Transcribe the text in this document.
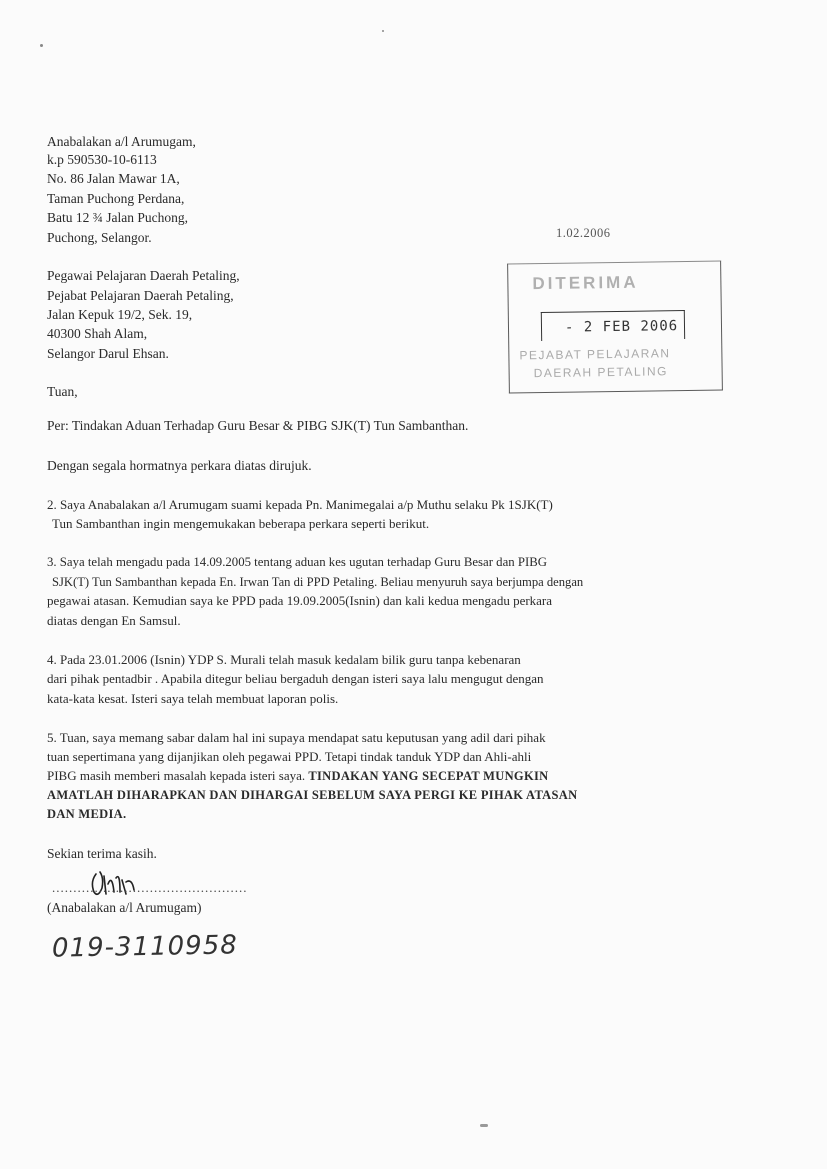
Anabalakan a/l Arumugam,
k.p 590530-10-6113
No. 86 Jalan Mawar 1A,
Taman Puchong Perdana,
Batu 12 ¾ Jalan Puchong,
Puchong, Selangor.	1.02.2006
Pegawai Pelajaran Daerah Petaling,
Pejabat Pelajaran Daerah Petaling,
Jalan Kepuk 19/2, Sek. 19,
40300 Shah Alam,
Selangor Darul Ehsan.
DITERIMA
- 2 FEB 2006
PEJABAT PELAJARAN
DAERAH PETALING
Tuan,
Per: Tindakan Aduan Terhadap Guru Besar & PIBG SJK(T) Tun Sambanthan.
Dengan segala hormatnya perkara diatas dirujuk.
2. Saya Anabalakan a/l Arumugam suami kepada Pn. Manimegalai a/p Muthu selaku Pk 1SJK(T)
Tun Sambanthan ingin mengemukakan beberapa perkara seperti berikut.
3. Saya telah mengadu pada 14.09.2005 tentang aduan kes ugutan terhadap Guru Besar dan PIBG
SJK(T) Tun Sambanthan kepada En. Irwan Tan di PPD Petaling. Beliau menyuruh saya berjumpa dengan
pegawai atasan. Kemudian saya ke PPD pada 19.09.2005(Isnin) dan kali kedua mengadu perkara
diatas dengan En Samsul.
4. Pada 23.01.2006 (Isnin) YDP S. Murali telah masuk kedalam bilik guru tanpa kebenaran
dari pihak pentadbir . Apabila ditegur beliau bergaduh dengan isteri saya lalu mengugut dengan
kata-kata kesat. Isteri saya telah membuat laporan polis.
5. Tuan, saya memang sabar dalam hal ini supaya mendapat satu keputusan yang adil dari pihak
tuan sepertimana yang dijanjikan oleh pegawai PPD. Tetapi tindak tanduk YDP dan Ahli-ahli
PIBG masih memberi masalah kepada isteri saya. TINDAKAN YANG SECEPAT MUNGKIN
AMATLAH DIHARAPKAN DAN DIHARGAI SEBELUM SAYA PERGI KE PIHAK ATASAN
DAN MEDIA.
Sekian terima kasih.
..............................................
(Anabalakan a/l Arumugam)
019-3110958
